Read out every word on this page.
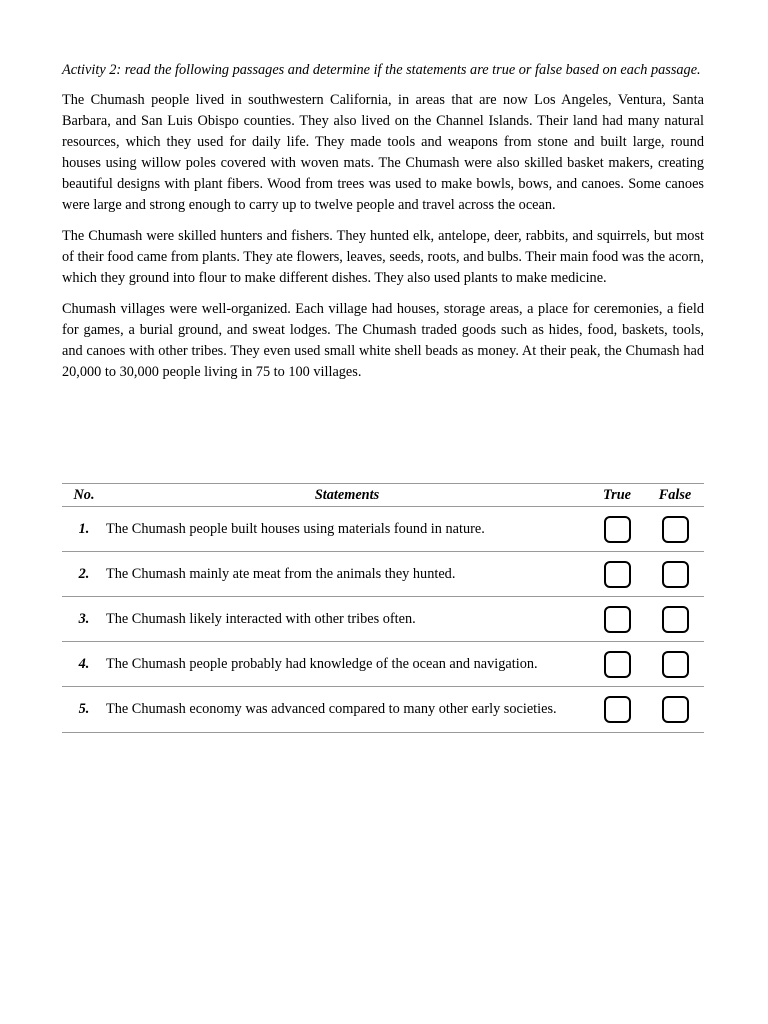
Activity 2: read the following passages and determine if the statements are true or false based on each passage.

The Chumash people lived in southwestern California, in areas that are now Los Angeles, Ventura, Santa Barbara, and San Luis Obispo counties. They also lived on the Channel Islands. Their land had many natural resources, which they used for daily life. They made tools and weapons from stone and built large, round houses using willow poles covered with woven mats. The Chumash were also skilled basket makers, creating beautiful designs with plant fibers. Wood from trees was used to make bowls, bows, and canoes. Some canoes were large and strong enough to carry up to twelve people and travel across the ocean.

The Chumash were skilled hunters and fishers. They hunted elk, antelope, deer, rabbits, and squirrels, but most of their food came from plants. They ate flowers, leaves, seeds, roots, and bulbs. Their main food was the acorn, which they ground into flour to make different dishes. They also used plants to make medicine.

Chumash villages were well-organized. Each village had houses, storage areas, a place for ceremonies, a field for games, a burial ground, and sweat lodges. The Chumash traded goods such as hides, food, baskets, tools, and canoes with other tribes. They even used small white shell beads as money. At their peak, the Chumash had 20,000 to 30,000 people living in 75 to 100 villages.

No.	Statements	True	False
1.	The Chumash people built houses using materials found in nature.		
2.	The Chumash mainly ate meat from the animals they hunted.		
3.	The Chumash likely interacted with other tribes often.		
4.	The Chumash people probably had knowledge of the ocean and navigation.		
5.	The Chumash economy was advanced compared to many other early societies.		
